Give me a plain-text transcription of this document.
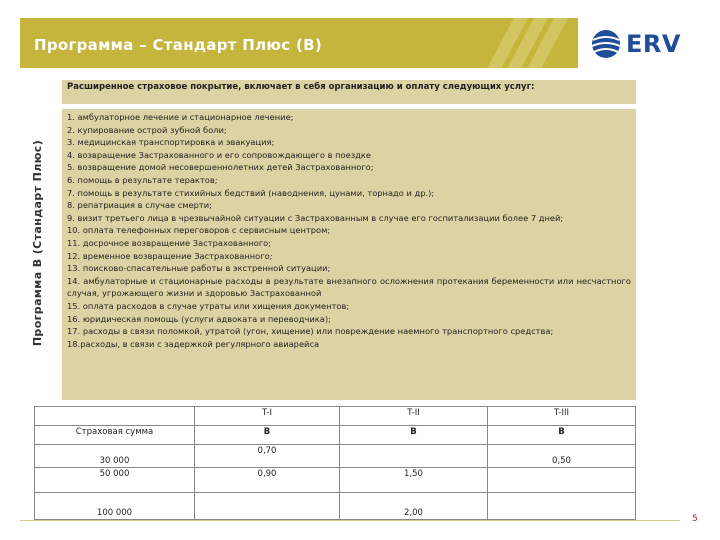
Программа – Стандарт Плюс (B)	ERV
Программа В (Стандарт Плюс)
Расширенное страховое покрытие, включает в себя организацию и оплату следующих услуг:
1. амбулаторное лечение и стационарное лечение;
2. купирование острой зубной боли;
3. медицинская транспортировка и эвакуация;
4. возвращение Застрахованного и его сопровождающего в поездке
5. возвращение домой несовершеннолетних детей Застрахованного;
6. помощь в результате терактов;
7. помощь в результате стихийных бедствий (наводнения, цунами, торнадо и др.);
8. репатриация в случае смерти;
9. визит третьего лица в чрезвычайной ситуации с Застрахованным в случае его госпитализации более 7 дней;
10. оплата телефонных переговоров с сервисным центром;
11. досрочное возвращение Застрахованного;
12. временное возвращение Застрахованного;
13. поисково-спасательные работы в экстренной ситуации;
14. амбулаторные и стационарные расходы в результате внезапного осложнения протекания беременности или несчастного случая, угрожающего жизни и здоровью Застрахованной
15. оплата расходов в случае утраты или хищения документов;
16. юридическая помощь (услуги адвоката и переводчика);
17. расходы в связи поломкой, утратой (угон, хищение) или повреждение наемного транспортного средства;
18.расходы, в связи с задержкой регулярного авиарейса
	T-I	T-II	T-III
Страховая сумма	B	B	B
30 000	0,70		0,50
50 000	0,90	1,50	
100 000		2,00	
5
